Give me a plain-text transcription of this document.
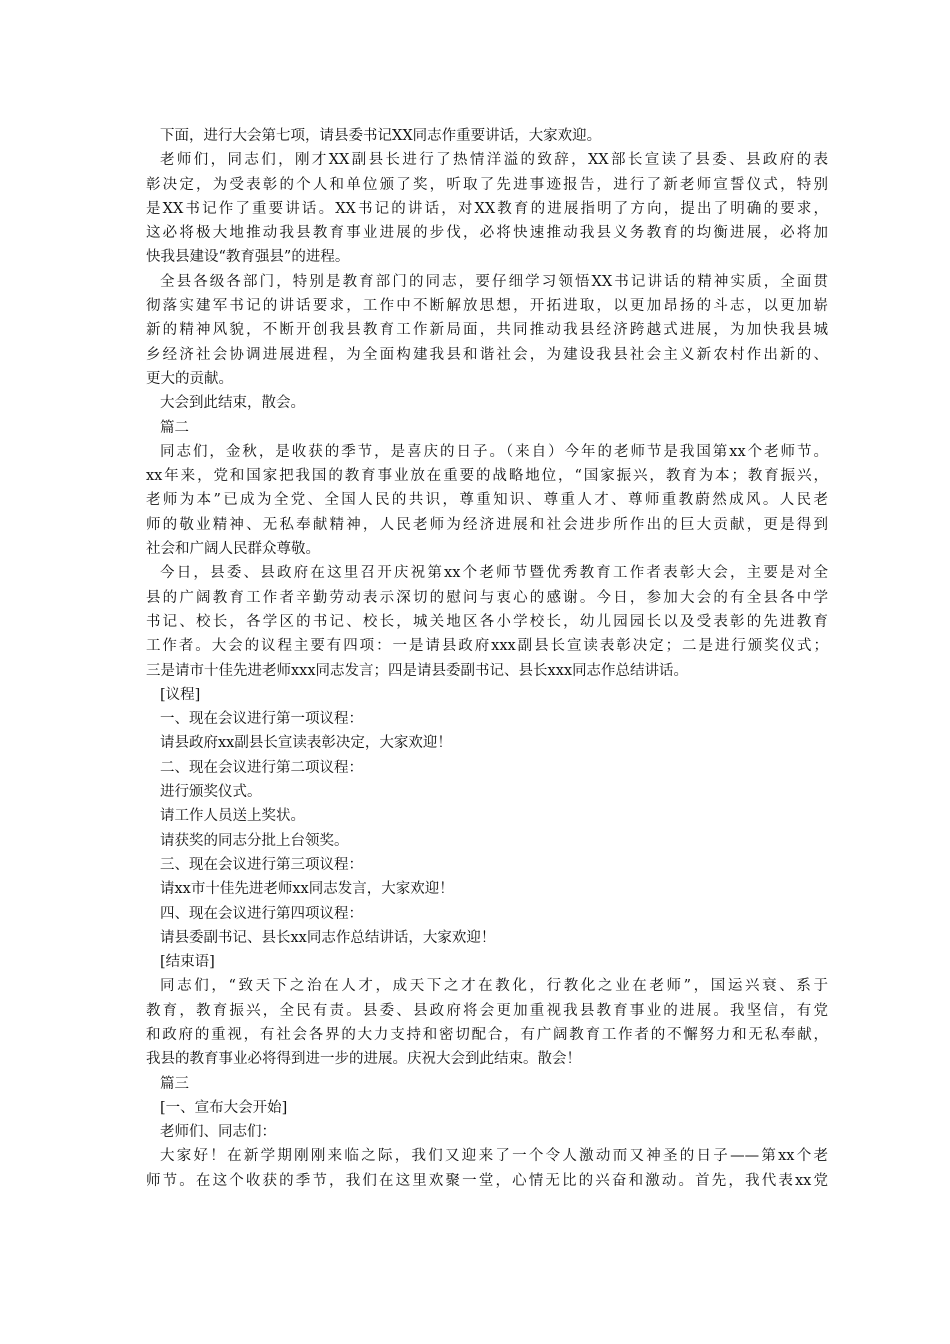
下面，进行大会第七项，请县委书记XX同志作重要讲话，大家欢迎。
老师们，同志们，刚才XX副县长进行了热情洋溢的致辞，XX部长宣读了县委、县政府的表
彰决定，为受表彰的个人和单位颁了奖，听取了先进事迹报告，进行了新老师宣誓仪式，特别
是XX书记作了重要讲话。XX书记的讲话，对XX教育的进展指明了方向，提出了明确的要求，
这必将极大地推动我县教育事业进展的步伐，必将快速推动我县义务教育的均衡进展，必将加
快我县建设“教育强县”的进程。
全县各级各部门，特别是教育部门的同志，要仔细学习领悟XX书记讲话的精神实质，全面贯
彻落实建军书记的讲话要求，工作中不断解放思想，开拓进取，以更加昂扬的斗志，以更加崭
新的精神风貌，不断开创我县教育工作新局面，共同推动我县经济跨越式进展，为加快我县城
乡经济社会协调进展进程，为全面构建我县和谐社会，为建设我县社会主义新农村作出新的、
更大的贡献。
大会到此结束，散会。
篇二
同志们，金秋，是收获的季节，是喜庆的日子。（来自）今年的老师节是我国第xx个老师节。
xx年来，党和国家把我国的教育事业放在重要的战略地位，“国家振兴，教育为本；教育振兴，
老师为本”已成为全党、全国人民的共识，尊重知识、尊重人才、尊师重教蔚然成风。人民老
师的敬业精神、无私奉献精神，人民老师为经济进展和社会进步所作出的巨大贡献，更是得到
社会和广阔人民群众尊敬。
今日，县委、县政府在这里召开庆祝第xx个老师节暨优秀教育工作者表彰大会，主要是对全
县的广阔教育工作者辛勤劳动表示深切的慰问与衷心的感谢。今日，参加大会的有全县各中学
书记、校长，各学区的书记、校长，城关地区各小学校长，幼儿园园长以及受表彰的先进教育
工作者。大会的议程主要有四项：一是请县政府xxx副县长宣读表彰决定；二是进行颁奖仪式；
三是请市十佳先进老师xxx同志发言；四是请县委副书记、县长xxx同志作总结讲话。
[议程]
一、现在会议进行第一项议程：
请县政府xx副县长宣读表彰决定，大家欢迎！
二、现在会议进行第二项议程：
进行颁奖仪式。
请工作人员送上奖状。
请获奖的同志分批上台领奖。
三、现在会议进行第三项议程：
请xx市十佳先进老师xx同志发言，大家欢迎！
四、现在会议进行第四项议程：
请县委副书记、县长xx同志作总结讲话，大家欢迎！
[结束语]
同志们，“致天下之治在人才，成天下之才在教化，行教化之业在老师”，国运兴衰、系于
教育，教育振兴，全民有责。县委、县政府将会更加重视我县教育事业的进展。我坚信，有党
和政府的重视，有社会各界的大力支持和密切配合，有广阔教育工作者的不懈努力和无私奉献，
我县的教育事业必将得到进一步的进展。庆祝大会到此结束。散会！
篇三
[一、宣布大会开始]
老师们、同志们：
大家好！在新学期刚刚来临之际，我们又迎来了一个令人激动而又神圣的日子——第xx个老
师节。在这个收获的季节，我们在这里欢聚一堂，心情无比的兴奋和激动。首先，我代表xx党
